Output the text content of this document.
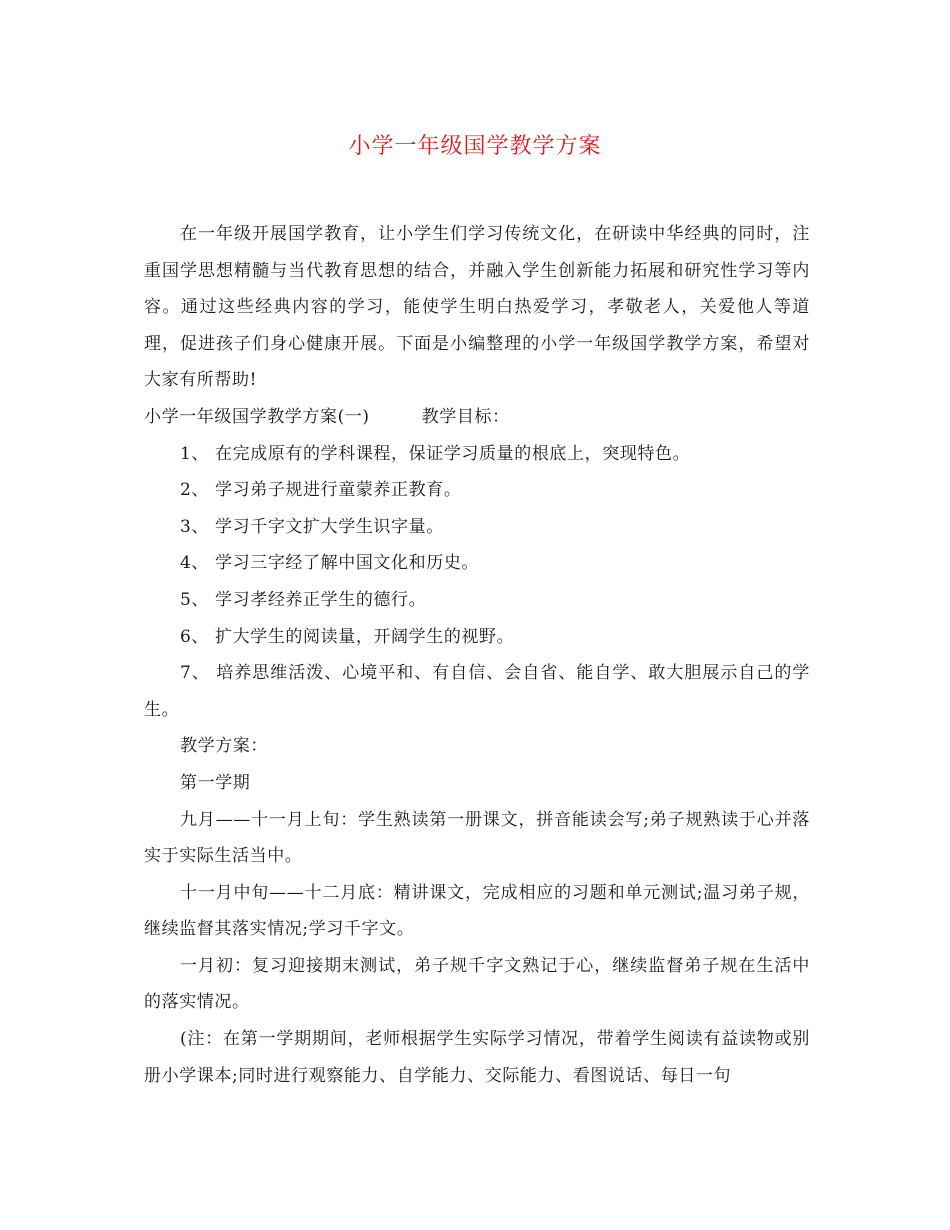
小学一年级国学教学方案

在一年级开展国学教育，让小学生们学习传统文化，在研读中华经典的同时，注重国学思想精髓与当代教育思想的结合，并融入学生创新能力拓展和研究性学习等内容。通过这些经典内容的学习，能使学生明白热爱学习，孝敬老人，关爱他人等道理，促进孩子们身心健康开展。下面是小编整理的小学一年级国学教学方案，希望对大家有所帮助!

小学一年级国学教学方案(一)	教学目标：

1、 在完成原有的学科课程，保证学习质量的根底上，突现特色。

2、 学习弟子规进行童蒙养正教育。

3、 学习千字文扩大学生识字量。

4、 学习三字经了解中国文化和历史。

5、 学习孝经养正学生的德行。

6、 扩大学生的阅读量，开阔学生的视野。

7、 培养思维活泼、心境平和、有自信、会自省、能自学、敢大胆展示自己的学生。

教学方案：

第一学期

九月——十一月上旬：学生熟读第一册课文，拼音能读会写;弟子规熟读于心并落实于实际生活当中。

十一月中旬——十二月底：精讲课文，完成相应的习题和单元测试;温习弟子规，继续监督其落实情况;学习千字文。

一月初：复习迎接期末测试，弟子规千字文熟记于心，继续监督弟子规在生活中的落实情况。

(注：在第一学期期间，老师根据学生实际学习情况，带着学生阅读有益读物或别册小学课本;同时进行观察能力、自学能力、交际能力、看图说话、每日一句
